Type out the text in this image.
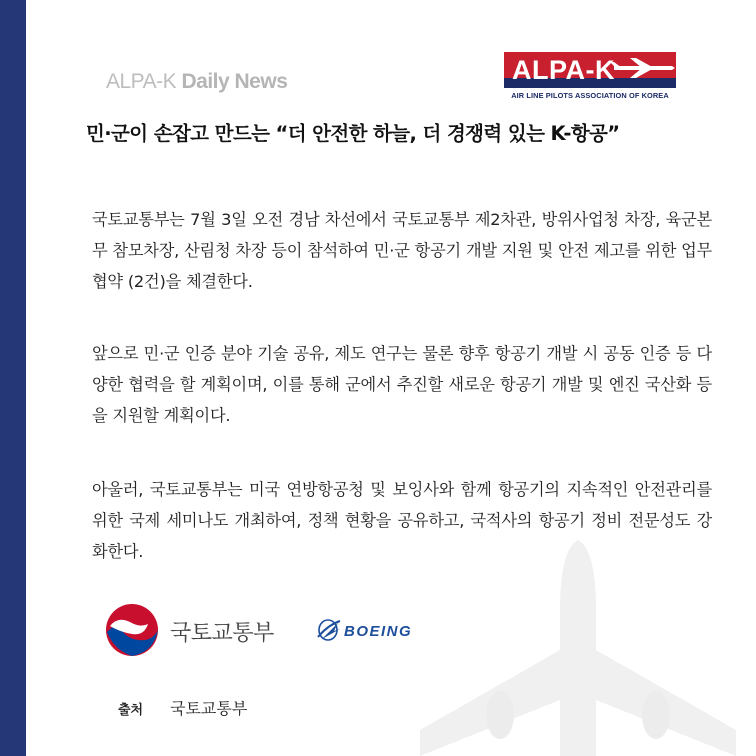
ALPA-K Daily News	ALPA-K
AIR LINE PILOTS ASSOCIATION OF KOREA
민·군이 손잡고 만드는 “더 안전한 하늘, 더 경쟁력 있는 K-항공”

국토교통부는 7월 3일 오전 경남 차선에서 국토교통부 제2차관, 방위사업청 차장, 육군본무 참모차장, 산림청 차장 등이 참석하여 민·군 항공기 개발 지원 및 안전 제고를 위한 업무협약 (2건)을 체결한다.

앞으로 민·군 인증 분야 기술 공유, 제도 연구는 물론 향후 항공기 개발 시 공동 인증 등 다양한 협력을 할 계획이며, 이를 통해 군에서 추진할 새로운 항공기 개발 및 엔진 국산화 등을 지원할 계획이다.

아울러, 국토교통부는 미국 연방항공청 및 보잉사와 함께 항공기의 지속적인 안전관리를 위한 국제 세미나도 개최하여, 정책 현황을 공유하고, 국적사의 항공기 정비 전문성도 강화한다.

국토교통부	BOEING
출처 국토교통부
